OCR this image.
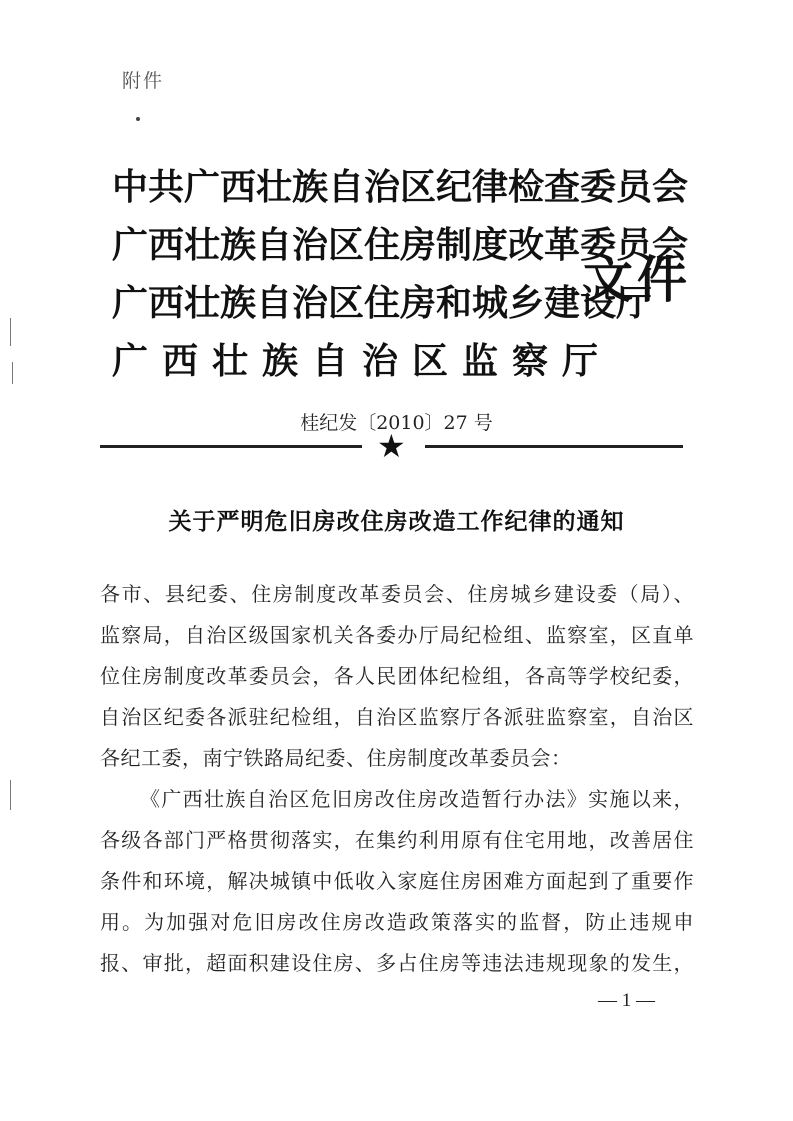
附件
中共广西壮族自治区纪律检查委员会
广西壮族自治区住房制度改革委员会
广西壮族自治区住房和城乡建设厅
广西壮族自治区监察厅
文件
桂纪发〔2010〕27 号
★
关于严明危旧房改住房改造工作纪律的通知
各市、县纪委、住房制度改革委员会、住房城乡建设委（局）、
监察局，自治区级国家机关各委办厅局纪检组、监察室，区直单
位住房制度改革委员会，各人民团体纪检组，各高等学校纪委，
自治区纪委各派驻纪检组，自治区监察厅各派驻监察室，自治区
各纪工委，南宁铁路局纪委、住房制度改革委员会：
《广西壮族自治区危旧房改住房改造暂行办法》实施以来，
各级各部门严格贯彻落实，在集约利用原有住宅用地，改善居住
条件和环境，解决城镇中低收入家庭住房困难方面起到了重要作
用。为加强对危旧房改住房改造政策落实的监督，防止违规申
报、审批，超面积建设住房、多占住房等违法违规现象的发生，
— 1 —
